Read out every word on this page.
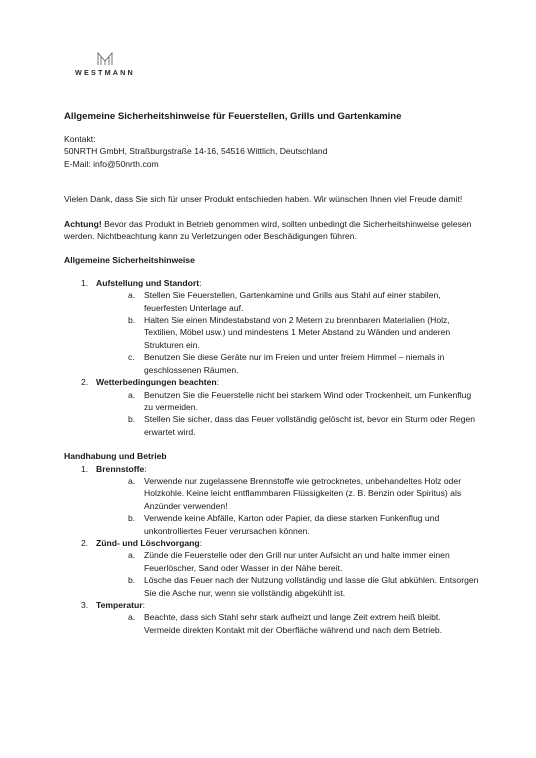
WESTMANN
Allgemeine Sicherheitshinweise für Feuerstellen, Grills und Gartenkamine

Kontakt:

50NRTH GmbH, Straßburgstraße 14-16, 54516 Wittlich, Deutschland

E-Mail: info@50nrth.com

Vielen Dank, dass Sie sich für unser Produkt entschieden haben. Wir wünschen Ihnen viel Freude damit!

Achtung! Bevor das Produkt in Betrieb genommen wird, sollten unbedingt die Sicherheitshinweise gelesen werden. Nichtbeachtung kann zu Verletzungen oder Beschädigungen führen.

Allgemeine Sicherheitshinweise
1. Aufstellung und Standort:
a. Stellen Sie Feuerstellen, Gartenkamine und Grills aus Stahl auf einer stabilen, feuerfesten Unterlage auf.
b. Halten Sie einen Mindestabstand von 2 Metern zu brennbaren Materialien (Holz, Textilien, Möbel usw.) und mindestens 1 Meter Abstand zu Wänden und anderen Strukturen ein.
c. Benutzen Sie diese Geräte nur im Freien und unter freiem Himmel – niemals in geschlossenen Räumen.
2. Wetterbedingungen beachten:
a. Benutzen Sie die Feuerstelle nicht bei starkem Wind oder Trockenheit, um Funkenflug zu vermeiden.
b. Stellen Sie sicher, dass das Feuer vollständig gelöscht ist, bevor ein Sturm oder Regen erwartet wird.
Handhabung und Betrieb
1. Brennstoffe:
a. Verwende nur zugelassene Brennstoffe wie getrocknetes, unbehandeltes Holz oder Holzkohle. Keine leicht entflammbaren Flüssigkeiten (z. B. Benzin oder Spiritus) als Anzünder verwenden!
b. Verwende keine Abfälle, Karton oder Papier, da diese starken Funkenflug und unkontrolliertes Feuer verursachen können.
2. Zünd- und Löschvorgang:
a. Zünde die Feuerstelle oder den Grill nur unter Aufsicht an und halte immer einen Feuerlöscher, Sand oder Wasser in der Nähe bereit.
b. Lösche das Feuer nach der Nutzung vollständig und lasse die Glut abkühlen. Entsorgen Sie die Asche nur, wenn sie vollständig abgekühlt ist.
3. Temperatur:
a. Beachte, dass sich Stahl sehr stark aufheizt und lange Zeit extrem heiß bleibt. Vermeide direkten Kontakt mit der Oberfläche während und nach dem Betrieb.
